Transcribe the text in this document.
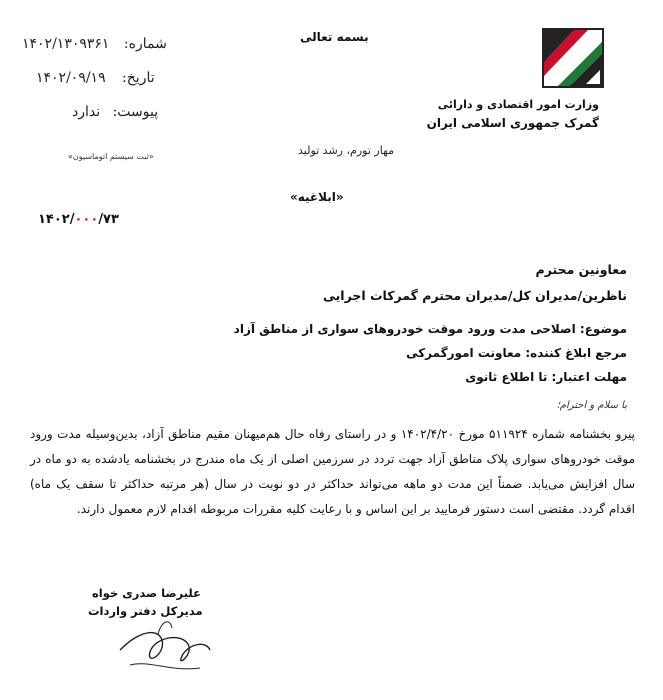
بسمه تعالی
شماره: ۱۴۰۲/۱۳۰۹۳۶۱
تاریخ: ۱۴۰۲/۰۹/۱۹
پیوست: ندارد
«ثبت سیستم اتوماسیون»
وزارت امور اقتصادی و دارائی
گمرک جمهوری اسلامی ایران
مهار تورم، رشد تولید
«ابلاغیه»
۱۴۰۲/۰۰۰/۷۳
معاونین محترم
ناظرین/مدیران کل/مدیران محترم گمرکات اجرایی
موضوع: اصلاحی مدت ورود موقت خودروهای سواری از مناطق آزاد
مرجع ابلاغ کننده: معاونت امورگمرکی
مهلت اعتبار: تا اطلاع ثانوی
با سلام و احترام؛
پیرو بخشنامه شماره ۵۱۱۹۲۴ مورخ ۱۴۰۲/۴/۲۰ و در راستای رفاه حال هم‌میهنان مقیم مناطق آزاد، بدین‌وسیله مدت ورود موقت خودروهای سواری پلاک مناطق آزاد جهت تردد در سرزمین اصلی از یک ماه مندرج در بخشنامه یادشده به دو ماه در سال افزایش می‌یابد. ضمناً این مدت دو ماهه می‌تواند حداکثر در دو نوبت در سال (هر مرتبه حداکثر تا سقف یک ماه) اقدام گردد. مقتضی است دستور فرمایید بر این اساس و با رعایت کلیه مقررات مربوطه اقدام لازم معمول دارند.
علیرضا صدری خواه
مدیرکل دفتر واردات
